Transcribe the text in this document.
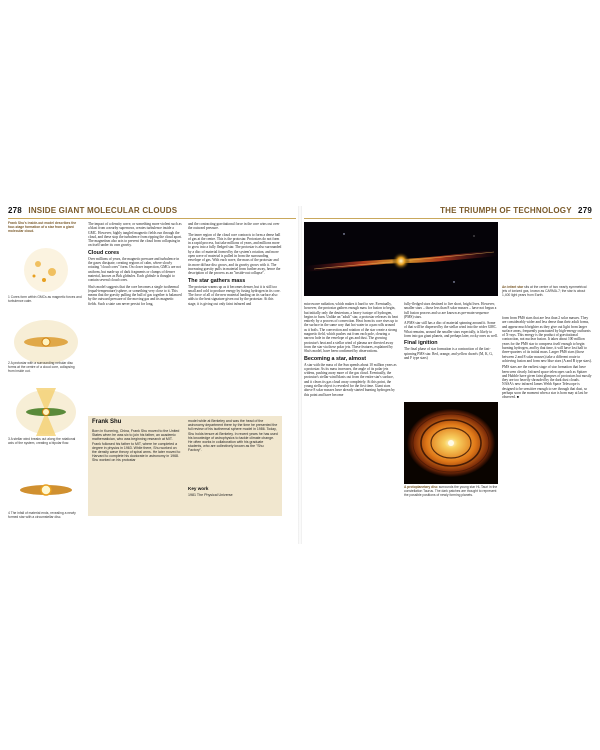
278 INSIDE GIANT MOLECULAR CLOUDS	THE TRIUMPH OF TECHNOLOGY 279
Frank Shu's inside-out model describes the four-stage formation of a star from a giant molecular cloud.
1 Cores form within GMCs as magnetic forces and turbulence calm.
2 A protostar with a surrounding nebular disc forms at the centre of a cloud core, collapsing from inside out.
3 A stellar wind breaks out along the rotational axis of the system, creating a bipolar flow.
4 The infall of material ends, revealing a newly formed star with a circumstellar disc.

The impact of a density wave, or something more violent such as a blast from a nearby supernova, creates turbulence inside a GMC. However, highly tangled magnetic fields run through the cloud, and these stop the turbulence from ripping the cloud apart. The magnetism also acts to prevent the cloud from collapsing in on itself under its own gravity.

Cloud cores

Over millions of years, the magnetic pressure and turbulence in the gases dissipate, creating regions of calm, where slowly rotating "cloud cores" form. On closer inspection, GMCs are not uniform, but made up of dark fragments or clumps of denser material, known as Bok globules. Each globule is thought to contain several cloud cores.

Shu's model suggests that the core becomes a single isothermal (equal-temperature) sphere, or something very close to it. This means that the gravity pulling the ball of gas together is balanced by the outward pressure of the moving gas and its magnetic fields. Such a state can never persist for long,

and the contracting gravitational force in the core wins out over the outward pressure.

The inner region of the cloud core contracts to form a dense ball of gas at the centre. This is the protostar. Protostars do not form in a rapid process, but take millions of years, and millions more to grow into a fully fledged star. The protostar is also surrounded by a disc of material formed by the system's rotation, and more open wave of material is pulled in from the surrounding envelope of gas. With each wave, the mass of the protostar and its more diffuse disc grows, and its gravity grows with it. The increasing gravity pulls in material from further away, hence the description of the process as an "inside-out collapse".

The star gathers mass

The protostar warms up as it becomes denser, but it is still too small and cold to produce energy by fusing hydrogen in its core. The force of all of the new material landing on its surface also adds to the heat signature given out by the protostar. At this stage, it is giving out only faint infrared and

Frank Shu
Born in Kunming, China, Frank Shu moved to the United States when he was six to join his father, an academic mathematician, who was beginning research at MIT. Frank followed his father to MIT, where he completed a degree in physics in 1963. While there, Shu worked on the density wave theory of spiral arms. He later moved to Harvard to complete his doctorate in astronomy in 1968. Shu worked on his protostar
model while at Berkeley and was the head of the astronomy department there by the time he presented the full review of his isothermal sphere model in 1986. Today, Shu holds tenure at Berkeley. In recent years he has used his knowledge of astrophysics to tackle climate change. He often works in collaboration with his graduate students, who are collectively known as the "Shu Factory".
Key work
1981 The Physical Universe
An infant star sits at the centre of two nearly symmetrical jets of ionized gas, known as CARMA-7; the star is about 1,400 light years from Earth.

microwave radiation, which makes it hard to see. Eventually, however, the protostar gathers enough mass for fusion to begin, but initially only the deuterium, a heavy isotope of hydrogen, begins to burn. Unlike an "adult" star, a protostar releases its heat entirely by a process of convection. Heat from its core rises up to the surface in the same way that hot water in a pan rolls around as it boils. The convection and rotation of the star create a strong magnetic field, which pushes out from each pole, clearing a narrow hole in the envelope of gas and dust. The growing protostar's heat and a stellar wind of plasma are directed away from the star via these polar jets. These features, explained by Shu's model, have been confirmed by observations.

Becoming a star, almost

A star with the mass of the Sun spends about 10 million years as a protostar. As its mass increases, the angle of its polar jets widens, pushing away more of the gas cloud. Eventually, the protostar's stellar wind blasts out from the entire star's surface, and it clears its gas cloud away completely. At this point, the young stellar object is revealed for the first time. Giant stars above 8 solar masses have already started burning hydrogen by this point and have become

fully-fledged stars destined to live short, bright lives. However, smaller stars – those less than 8 solar masses – have not begun a full fusion process and so are known as pre-main-sequence (PMS) stars.

A PMS star still has a disc of material spinning around it. Some of that will be dispersed by the stellar wind into the wider GMC. What remains, around the smaller stars especially, is likely to form into gas giant planets, and perhaps later, rocky ones as well.

Final ignition

The final phase of star formation is a contraction of the fast-spinning PMS star. Red, orange, and yellow dwarfs (M, K, G, and F type stars)

A protoplanetary disc surrounds the young star HL Tauri in the constellation Taurus. The dark patches are thought to represent the possible positions of newly forming planets.

form from PMS stars that are less than 2 solar masses. They are considerably wider and less dense than their adult forms, and appear much brighter as they give out light from larger surface areas, frequently punctuated by high-energy outbursts of X-rays. This energy is the product of gravitational contraction, not nuclear fusion. It takes about 100 million years for the PMS star to compress itself enough to begin burning hydrogen, and by that time, it will have lost half to three-quarters of its initial mass. Larger PMS stars (those between 2 and 8 solar masses) take a different route to achieving fusion and form new blue stars (A and B type stars).

PMS stars are the earliest stage of star formation that have been seen clearly. Infrared space telescopes such as Spitzer and Hubble have given faint glimpses of protostars but mostly they are too heavily shrouded by the dark dust clouds. NASA's new infrared James Webb Space Telescope is designed to be sensitive enough to see through that dust, so perhaps soon the moment when a star is born may at last be observed. ■
